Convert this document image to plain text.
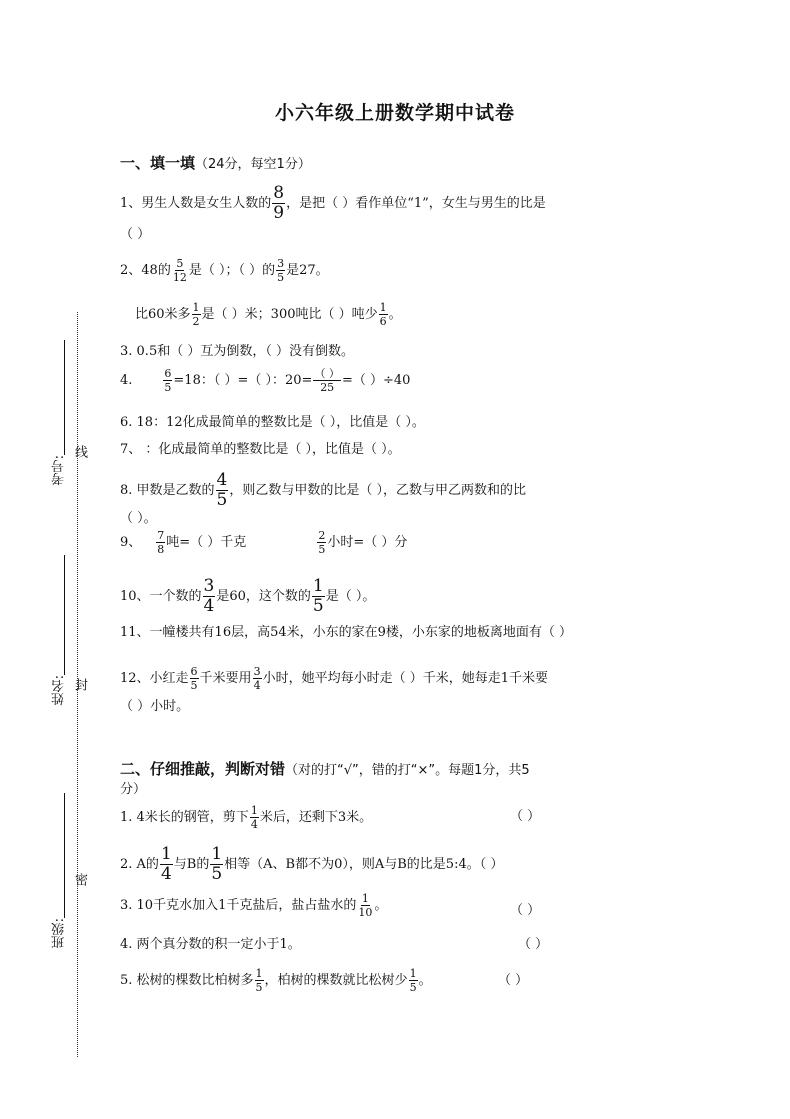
考号:
线
姓名: 封
班级:
密
小六年级上册数学期中试卷
一、填一填（24分，每空1分）
1、男生人数是女生人数的 $\frac{8}{9}$ ，是把（ ）看作单位“1”，女生与男生的比是
（ ）
2、48的 $\frac{5}{12}$ 是（ ）；（ ）的 $\frac{3}{5}$ 是27。
比60米多 $\frac{1}{2}$ 是（ ）米；300吨比（ ）吨少 $\frac{1}{6}$ 。
3. 0.5和（ ）互为倒数，（ ）没有倒数。
4.	$\frac{6}{5} =18$：（ ）=（ ）：$20= \frac{( )}{25}$ =（ ）÷40
6. 18：12化成最简单的整数比是（ ），比值是（ ）。
7、 ：化成最简单的整数比是（ ），比值是（ ）。
8. 甲数是乙数的 $\frac{4}{5}$ ，则乙数与甲数的比是（ ），乙数与甲乙两数和的比
（ ）。
9、 $\frac{7}{8}$ 吨=（ ）千克	$\frac{2}{5}$ 小时=（ ）分
10、一个数的 $\frac{3}{4}$ 是60，这个数的 $\frac{1}{5}$ 是（ ）。
11、一幢楼共有16层，高54米，小东的家在9楼，小东家的地板离地面有（ ）
12、小红走 $\frac{6}{5}$ 千米要用 $\frac{3}{4}$ 小时，她平均每小时走（ ）千米，她每走1千米要
（ ）小时。
二、仔细推敲，判断对错（对的打“√”，错的打“×”。每题1分，共5
分）
1. 4米长的钢管，剪下 $\frac{1}{4}$ 米后，还剩下3米。	（ ）
2. A的 $\frac{1}{4}$ 与B的 $\frac{1}{5}$ 相等（A、B都不为0），则A与B的比是5:4。（ ）
3. 10千克水加入1千克盐后，盐占盐水的 $\frac{1}{10}$ 。	（ ）
4. 两个真分数的积一定小于1。	（ ）
5. 松树的棵数比柏树多 $\frac{1}{5}$ ，柏树的棵数就比松树少 $\frac{1}{5}$ 。	（ ）
